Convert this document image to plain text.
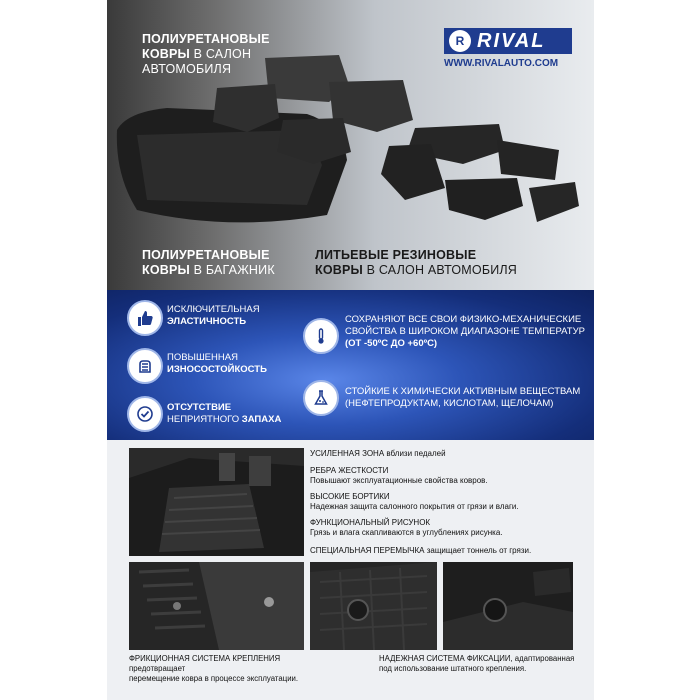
ПОЛИУРЕТАНОВЫЕ
КОВРЫ В САЛОН
АВТОМОБИЛЯ
R RIVAL
WWW.RIVALAUTO.COM
ПОЛИУРЕТАНОВЫЕ
КОВРЫ В БАГАЖНИК
ЛИТЬЕВЫЕ РЕЗИНОВЫЕ
КОВРЫ В САЛОН АВТОМОБИЛЯ
ИСКЛЮЧИТЕЛЬНАЯ
ЭЛАСТИЧНОСТЬ
ПОВЫШЕННАЯ
ИЗНОСОСТОЙКОСТЬ
ОТСУТСТВИЕ
НЕПРИЯТНОГО ЗАПАХА
СОХРАНЯЮТ ВСЕ СВОИ ФИЗИКО-МЕХАНИЧЕСКИЕ
СВОЙСТВА В ШИРОКОМ ДИАПАЗОНЕ ТЕМПЕРАТУР
(ОТ -50ºС ДО +60ºС)
СТОЙКИЕ К ХИМИЧЕСКИ АКТИВНЫМ ВЕЩЕСТВАМ
(НЕФТЕПРОДУКТАМ, КИСЛОТАМ, ЩЕЛОЧАМ)
УСИЛЕННАЯ ЗОНА вблизи педалей
РЕБРА ЖЕСТКОСТИ
Повышают эксплуатационные свойства ковров.
ВЫСОКИЕ БОРТИКИ
Надежная защита салонного покрытия от грязи и влаги.
ФУНКЦИОНАЛЬНЫЙ РИСУНОК
Грязь и влага скапливаются в углублениях рисунка.
СПЕЦИАЛЬНАЯ ПЕРЕМЫЧКА защищает тоннель от грязи.
ФРИКЦИОННАЯ СИСТЕМА КРЕПЛЕНИЯ предотвращает
перемещение ковра в процессе эксплуатации.
НАДЕЖНАЯ СИСТЕМА ФИКСАЦИИ, адаптированная
под использование штатного крепления.
